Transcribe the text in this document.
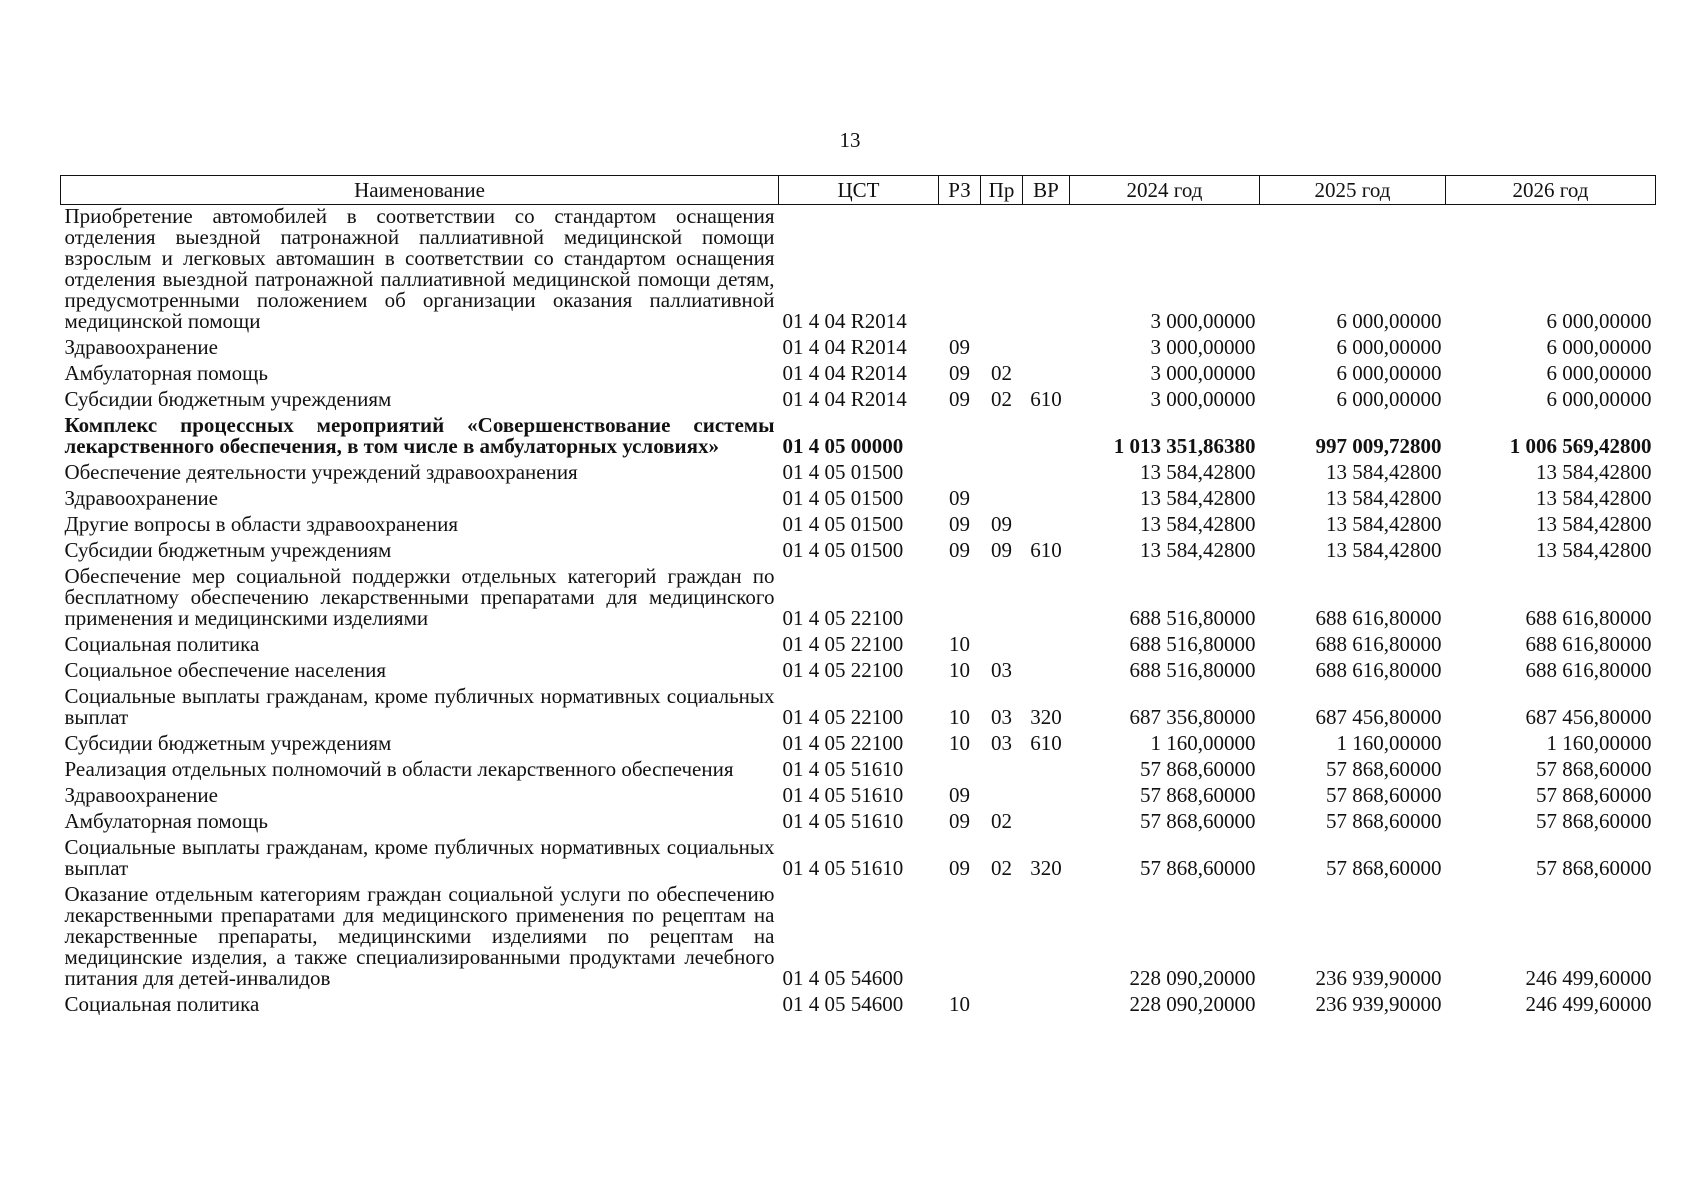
13
Наименование	ЦСТ	РЗ	Пр	ВР	2024 год	2025 год	2026 год
Приобретение автомобилей в соответствии со стандартом оснащения отделения выездной патронажной паллиативной медицинской помощи взрослым и легковых автомашин в соответствии со стандартом оснащения отделения выездной патронажной паллиативной медицинской помощи детям, предусмотренными положением об организации оказания паллиативной медицинской помощи	01 4 04 R2014				3 000,00000	6 000,00000	6 000,00000
Здравоохранение	01 4 04 R2014	09			3 000,00000	6 000,00000	6 000,00000
Амбулаторная помощь	01 4 04 R2014	09	02		3 000,00000	6 000,00000	6 000,00000
Субсидии бюджетным учреждениям	01 4 04 R2014	09	02	610	3 000,00000	6 000,00000	6 000,00000
Комплекс процессных мероприятий «Совершенствование системы лекарственного обеспечения, в том числе в амбулаторных условиях»	01 4 05 00000				1 013 351,86380	997 009,72800	1 006 569,42800
Обеспечение деятельности учреждений здравоохранения	01 4 05 01500				13 584,42800	13 584,42800	13 584,42800
Здравоохранение	01 4 05 01500	09			13 584,42800	13 584,42800	13 584,42800
Другие вопросы в области здравоохранения	01 4 05 01500	09	09		13 584,42800	13 584,42800	13 584,42800
Субсидии бюджетным учреждениям	01 4 05 01500	09	09	610	13 584,42800	13 584,42800	13 584,42800
Обеспечение мер социальной поддержки отдельных категорий граждан по бесплатному обеспечению лекарственными препаратами для медицинского применения и медицинскими изделиями	01 4 05 22100				688 516,80000	688 616,80000	688 616,80000
Социальная политика	01 4 05 22100	10			688 516,80000	688 616,80000	688 616,80000
Социальное обеспечение населения	01 4 05 22100	10	03		688 516,80000	688 616,80000	688 616,80000
Социальные выплаты гражданам, кроме публичных нормативных социальных выплат	01 4 05 22100	10	03	320	687 356,80000	687 456,80000	687 456,80000
Субсидии бюджетным учреждениям	01 4 05 22100	10	03	610	1 160,00000	1 160,00000	1 160,00000
Реализация отдельных полномочий в области лекарственного обеспечения	01 4 05 51610				57 868,60000	57 868,60000	57 868,60000
Здравоохранение	01 4 05 51610	09			57 868,60000	57 868,60000	57 868,60000
Амбулаторная помощь	01 4 05 51610	09	02		57 868,60000	57 868,60000	57 868,60000
Социальные выплаты гражданам, кроме публичных нормативных социальных выплат	01 4 05 51610	09	02	320	57 868,60000	57 868,60000	57 868,60000
Оказание отдельным категориям граждан социальной услуги по обеспечению лекарственными препаратами для медицинского применения по рецептам на лекарственные препараты, медицинскими изделиями по рецептам на медицинские изделия, а также специализированными продуктами лечебного питания для детей-инвалидов	01 4 05 54600				228 090,20000	236 939,90000	246 499,60000
Социальная политика	01 4 05 54600	10			228 090,20000	236 939,90000	246 499,60000
